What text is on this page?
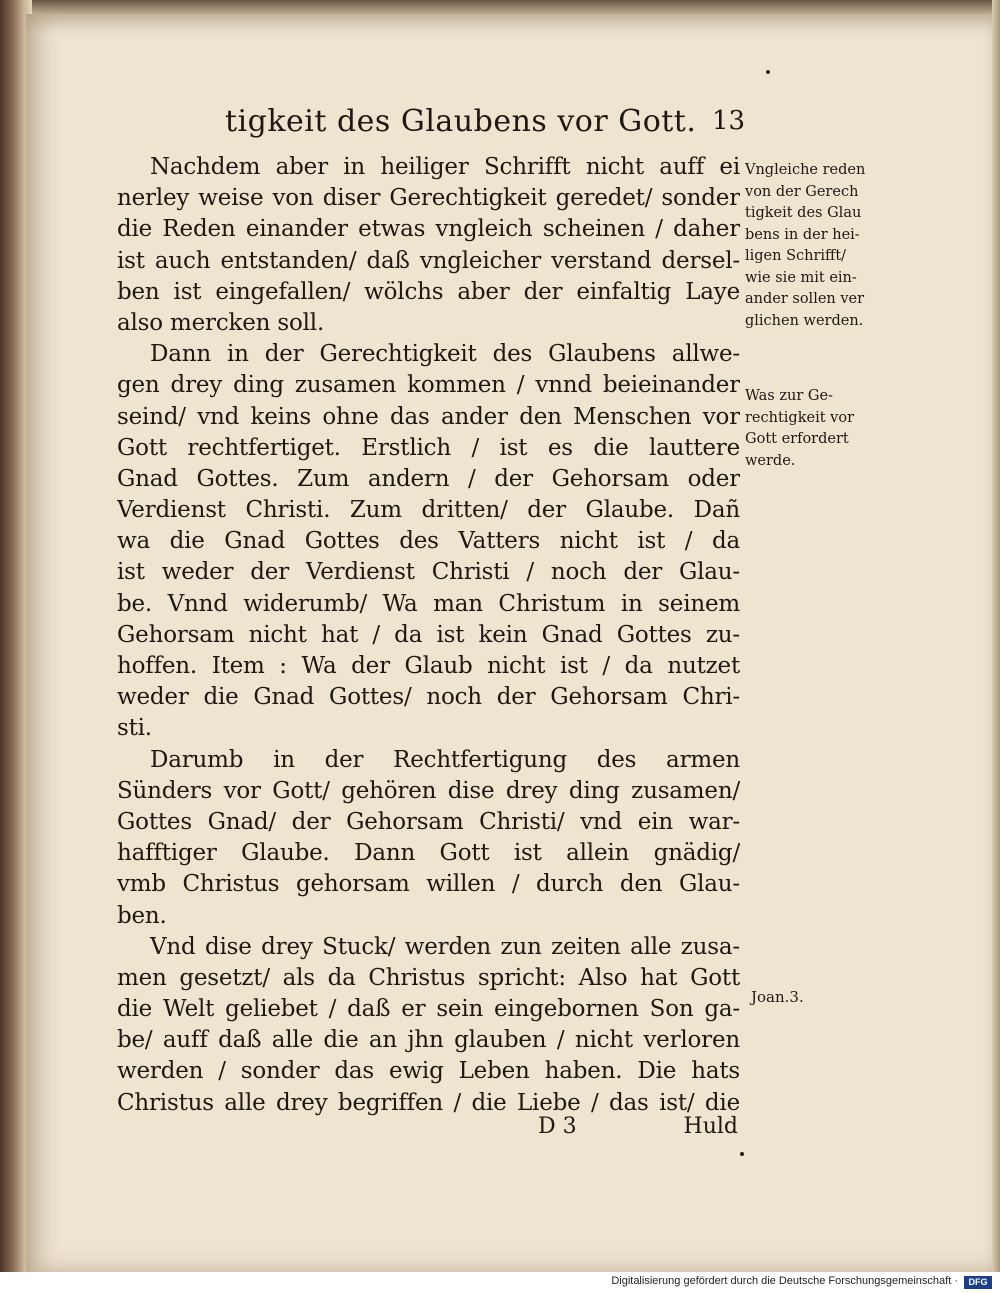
tigkeit des Glaubens vor Gott. 13
Nachdem aber in heiliger Schrifft nicht auff ei
nerley weise von diser Gerechtigkeit geredet/ sonder
die Reden einander etwas vngleich scheinen / daher
ist auch entstanden/ daß vngleicher verstand dersel-
ben ist eingefallen/ wölchs aber der einfaltig Laye
also mercken soll.
Dann in der Gerechtigkeit des Glaubens allwe-
gen drey ding zusamen kommen / vnnd beieinander
seind/ vnd keins ohne das ander den Menschen vor
Gott rechtfertiget. Erstlich / ist es die lauttere
Gnad Gottes. Zum andern / der Gehorsam oder
Verdienst Christi. Zum dritten/ der Glaube. Dañ
wa die Gnad Gottes des Vatters nicht ist / da
ist weder der Verdienst Christi / noch der Glau-
be. Vnnd widerumb/ Wa man Christum in seinem
Gehorsam nicht hat / da ist kein Gnad Gottes zu-
hoffen. Item : Wa der Glaub nicht ist / da nutzet
weder die Gnad Gottes/ noch der Gehorsam Chri-
sti.
Darumb in der Rechtfertigung des armen
Sünders vor Gott/ gehören dise drey ding zusamen/
Gottes Gnad/ der Gehorsam Christi/ vnd ein war-
hafftiger Glaube. Dann Gott ist allein gnädig/
vmb Christus gehorsam willen / durch den Glau-
ben.
Vnd dise drey Stuck/ werden zun zeiten alle zusa-
men gesetzt/ als da Christus spricht: Also hat Gott
die Welt geliebet / daß er sein eingebornen Son ga-
be/ auff daß alle die an jhn glauben / nicht verloren
werden / sonder das ewig Leben haben. Die hats
Christus alle drey begriffen / die Liebe / das ist/ die
Vngleiche reden
von der Gerech
tigkeit des Glau
bens in der hei-
ligen Schrifft/
wie sie mit ein-
ander sollen ver
glichen werden.
Was zur Ge-
rechtigkeit vor
Gott erfordert
werde.
Joan.3.
D 3	Huld
Digitalisierung gefördert durch die Deutsche Forschungsgemeinschaft ·	DFG
